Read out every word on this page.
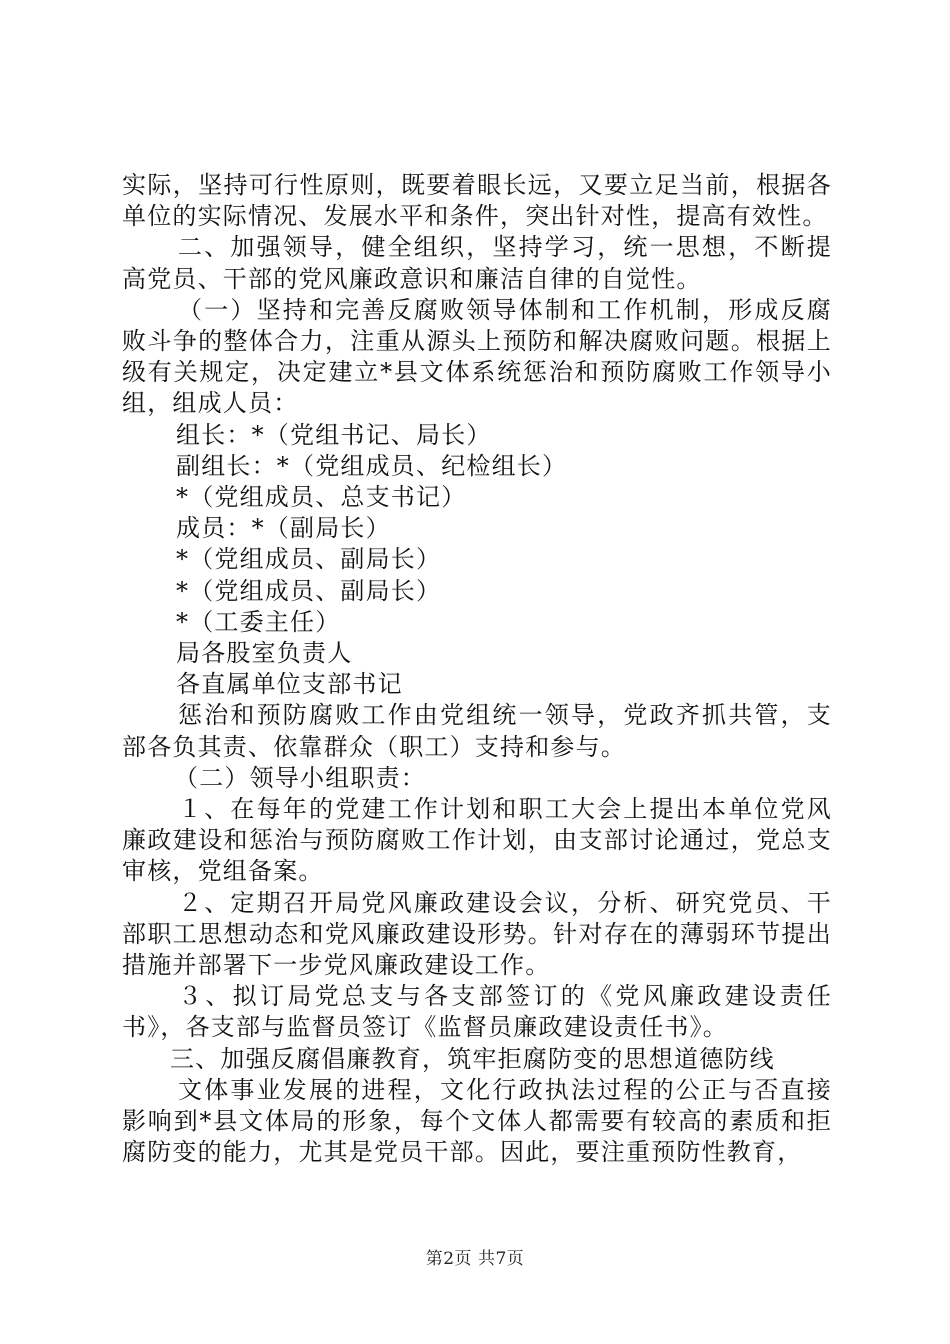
实际，坚持可行性原则，既要着眼长远，又要立足当前，根据各单位的实际情况、发展水平和条件，突出针对性，提高有效性。

二、加强领导，健全组织，坚持学习，统一思想，不断提高党员、干部的党风廉政意识和廉洁自律的自觉性。

（一）坚持和完善反腐败领导体制和工作机制，形成反腐败斗争的整体合力，注重从源头上预防和解决腐败问题。根据上级有关规定，决定建立*县文体系统惩治和预防腐败工作领导小组，组成人员：

组长：*（党组书记、局长）

副组长：*（党组成员、纪检组长）

*（党组成员、总支书记）

成员：*（副局长）

*（党组成员、副局长）

*（党组成员、副局长）

*（工委主任）

局各股室负责人

各直属单位支部书记

惩治和预防腐败工作由党组统一领导，党政齐抓共管，支部各负其责、依靠群众（职工）支持和参与。

（二）领导小组职责：

１、在每年的党建工作计划和职工大会上提出本单位党风廉政建设和惩治与预防腐败工作计划，由支部讨论通过，党总支审核，党组备案。

２、定期召开局党风廉政建设会议，分析、研究党员、干部职工思想动态和党风廉政建设形势。针对存在的薄弱环节提出措施并部署下一步党风廉政建设工作。

３、拟订局党总支与各支部签订的《党风廉政建设责任书》，各支部与监督员签订《监督员廉政建设责任书》。

三、加强反腐倡廉教育，筑牢拒腐防变的思想道德防线

文体事业发展的进程，文化行政执法过程的公正与否直接影响到*县文体局的形象，每个文体人都需要有较高的素质和拒腐防变的能力，尤其是党员干部。因此，要注重预防性教育，

第2页 共7页
